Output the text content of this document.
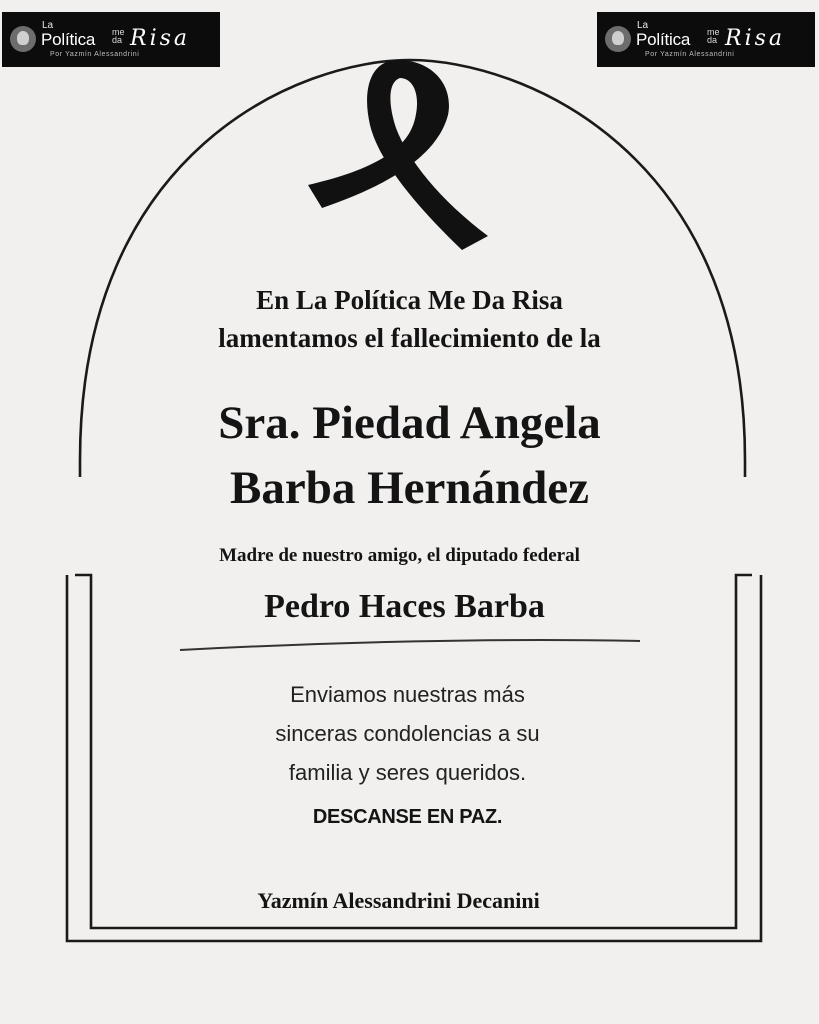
La
Política me
da Risa
Por Yazmín Alessandrini
La
Política me
da Risa
Por Yazmín Alessandrini
En La Política Me Da Risa
lamentamos el fallecimiento de la
Sra. Piedad Angela
Barba Hernández
Madre de nuestro amigo, el diputado federal
Pedro Haces Barba
Enviamos nuestras más
sinceras condolencias a su
familia y seres queridos.
DESCANSE EN PAZ.
Yazmín Alessandrini Decanini
